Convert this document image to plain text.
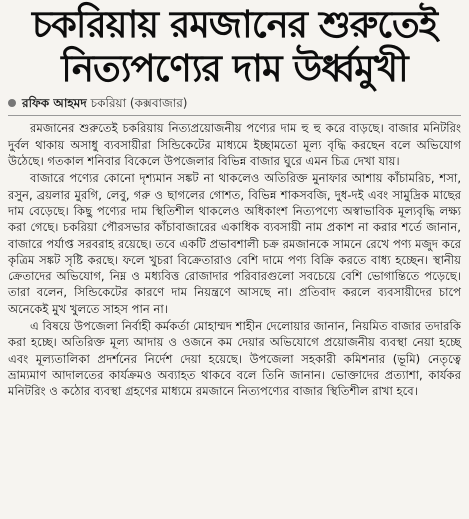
চকরিয়ায় রমজানের শুরুতেই
নিত্যপণ্যের দাম উর্ধ্বমুখী
রফিক আহমদ চকরিয়া (কক্সবাজার)

রমজানের শুরুতেই চকরিয়ায় নিত্যপ্রয়োজনীয় পণ্যের দাম হু হু করে বাড়ছে। বাজার মনিটরিং দুর্বল থাকায় অসাধু ব্যবসায়ীরা সিন্ডিকেটের মাধ্যমে ইচ্ছামতো মূল্য বৃদ্ধি করছেন বলে অভিযোগ উঠেছে। গতকাল শনিবার বিকেলে উপজেলার বিভিন্ন বাজার ঘুরে এমন চিত্র দেখা যায়।

বাজারে পণ্যের কোনো দৃশ্যমান সঙ্কট না থাকলেও অতিরিক্ত মুনাফার আশায় কাঁচামরিচ, শসা, রসুন, ব্রয়লার মুরগি, লেবু, গরু ও ছাগলের গোশত, বিভিন্ন শাকসবজি, দুধ-দই এবং সামুদ্রিক মাছের দাম বেড়েছে। কিছু পণ্যের দাম স্থিতিশীল থাকলেও অধিকাংশ নিত্যপণ্যে অস্বাভাবিক মূল্যবৃদ্ধি লক্ষ্য করা গেছে। চকরিয়া পৌরসভার কাঁচাবাজারের একাধিক ব্যবসায়ী নাম প্রকাশ না করার শর্তে জানান, বাজারে পর্যাপ্ত সরবরাহ রয়েছে। তবে একটি প্রভাবশালী চক্র রমজানকে সামনে রেখে পণ্য মজুদ করে কৃত্রিম সঙ্কট সৃষ্টি করছে। ফলে খুচরা বিক্রেতারাও বেশি দামে পণ্য বিক্রি করতে বাধ্য হচ্ছেন। স্থানীয় ক্রেতাদের অভিযোগ, নিম্ন ও মধ্যবিত্ত রোজাদার পরিবারগুলো সবচেয়ে বেশি ভোগান্তিতে পড়েছে। তারা বলেন, সিন্ডিকেটের কারণে দাম নিয়ন্ত্রণে আসছে না। প্রতিবাদ করলে ব্যবসায়ীদের চাপে অনেকেই মুখ খুলতে সাহস পান না।

এ বিষয়ে উপজেলা নির্বাহী কর্মকর্তা মোহাম্মদ শাহীন দেলোয়ার জানান, নিয়মিত বাজার তদারকি করা হচ্ছে। অতিরিক্ত মূল্য আদায় ও ওজনে কম দেয়ার অভিযোগে প্রয়োজনীয় ব্যবস্থা নেয়া হচ্ছে এবং মূল্যতালিকা প্রদর্শনের নির্দেশ দেয়া হয়েছে। উপজেলা সহকারী কমিশনার (ভূমি) নেতৃত্বে ভ্রাম্যমাণ আদালতের কার্যক্রমও অব্যাহত থাকবে বলে তিনি জানান। ভোক্তাদের প্রত্যাশা, কার্যকর মনিটরিং ও কঠোর ব্যবস্থা গ্রহণের মাধ্যমে রমজানে নিত্যপণ্যের বাজার স্থিতিশীল রাখা হবে।
